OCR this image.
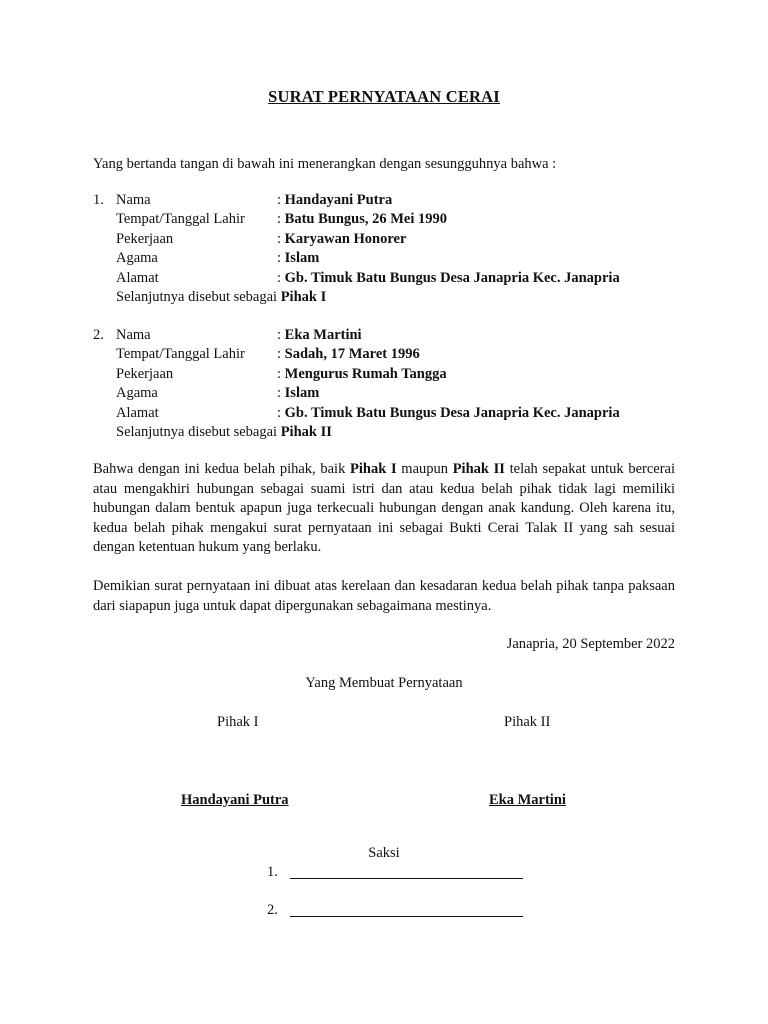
SURAT PERNYATAAN CERAI
Yang bertanda tangan di bawah ini menerangkan dengan sesungguhnya bahwa :
1. Nama	: Handayani Putra
Tempat/Tanggal Lahir : Batu Bungus, 26 Mei 1990
Pekerjaan	: Karyawan Honorer
Agama	: Islam
Alamat	: Gb. Timuk Batu Bungus Desa Janapria Kec. Janapria
Selanjutnya disebut sebagai Pihak I
2. Nama	: Eka Martini
Tempat/Tanggal Lahir : Sadah, 17 Maret 1996
Pekerjaan	: Mengurus Rumah Tangga
Agama	: Islam
Alamat	: Gb. Timuk Batu Bungus Desa Janapria Kec. Janapria
Selanjutnya disebut sebagai Pihak II
Bahwa dengan ini kedua belah pihak, baik Pihak I maupun Pihak II telah sepakat untuk bercerai atau mengakhiri hubungan sebagai suami istri dan atau kedua belah pihak tidak lagi memiliki hubungan dalam bentuk apapun juga terkecuali hubungan dengan anak kandung. Oleh karena itu, kedua belah pihak mengakui surat pernyataan ini sebagai Bukti Cerai Talak II yang sah sesuai dengan ketentuan hukum yang berlaku.
Demikian surat pernyataan ini dibuat atas kerelaan dan kesadaran kedua belah pihak tanpa paksaan dari siapapun juga untuk dapat dipergunakan sebagaimana mestinya.
Janapria, 20 September 2022
Yang Membuat Pernyataan
Pihak I	Pihak II
Handayani Putra	Eka Martini
Saksi
1.
2.
